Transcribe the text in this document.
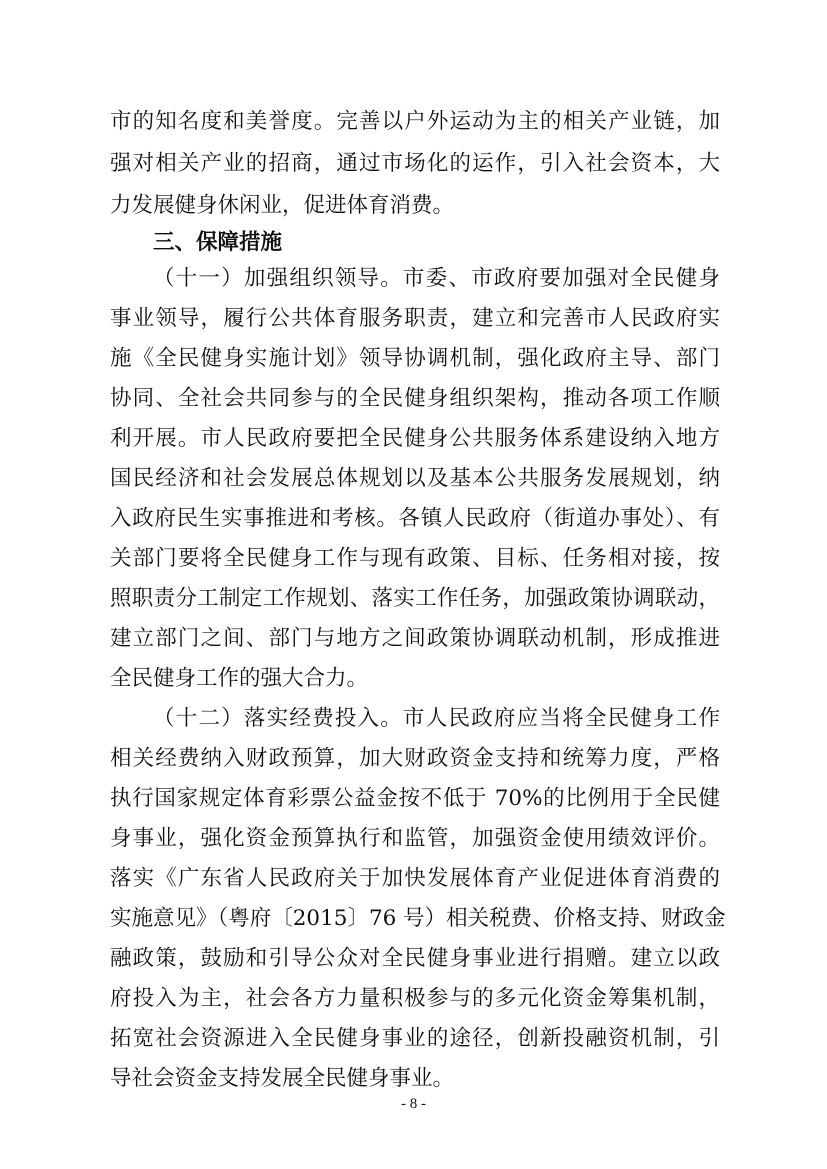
市的知名度和美誉度。完善以户外运动为主的相关产业链，加
强对相关产业的招商，通过市场化的运作，引入社会资本，大
力发展健身休闲业，促进体育消费。
三、保障措施
（十一）加强组织领导。市委、市政府要加强对全民健身
事业领导，履行公共体育服务职责，建立和完善市人民政府实
施《全民健身实施计划》领导协调机制，强化政府主导、部门
协同、全社会共同参与的全民健身组织架构，推动各项工作顺
利开展。市人民政府要把全民健身公共服务体系建设纳入地方
国民经济和社会发展总体规划以及基本公共服务发展规划，纳
入政府民生实事推进和考核。各镇人民政府（街道办事处）、有
关部门要将全民健身工作与现有政策、目标、任务相对接，按
照职责分工制定工作规划、落实工作任务，加强政策协调联动，
建立部门之间、部门与地方之间政策协调联动机制，形成推进
全民健身工作的强大合力。
（十二）落实经费投入。市人民政府应当将全民健身工作
相关经费纳入财政预算，加大财政资金支持和统筹力度，严格
执行国家规定体育彩票公益金按不低于 70%的比例用于全民健
身事业，强化资金预算执行和监管，加强资金使用绩效评价。
落实《广东省人民政府关于加快发展体育产业促进体育消费的
实施意见》（粤府〔2015〕76 号）相关税费、价格支持、财政金
融政策，鼓励和引导公众对全民健身事业进行捐赠。建立以政
府投入为主，社会各方力量积极参与的多元化资金筹集机制，
拓宽社会资源进入全民健身事业的途径，创新投融资机制，引
导社会资金支持发展全民健身事业。
- 8 -
